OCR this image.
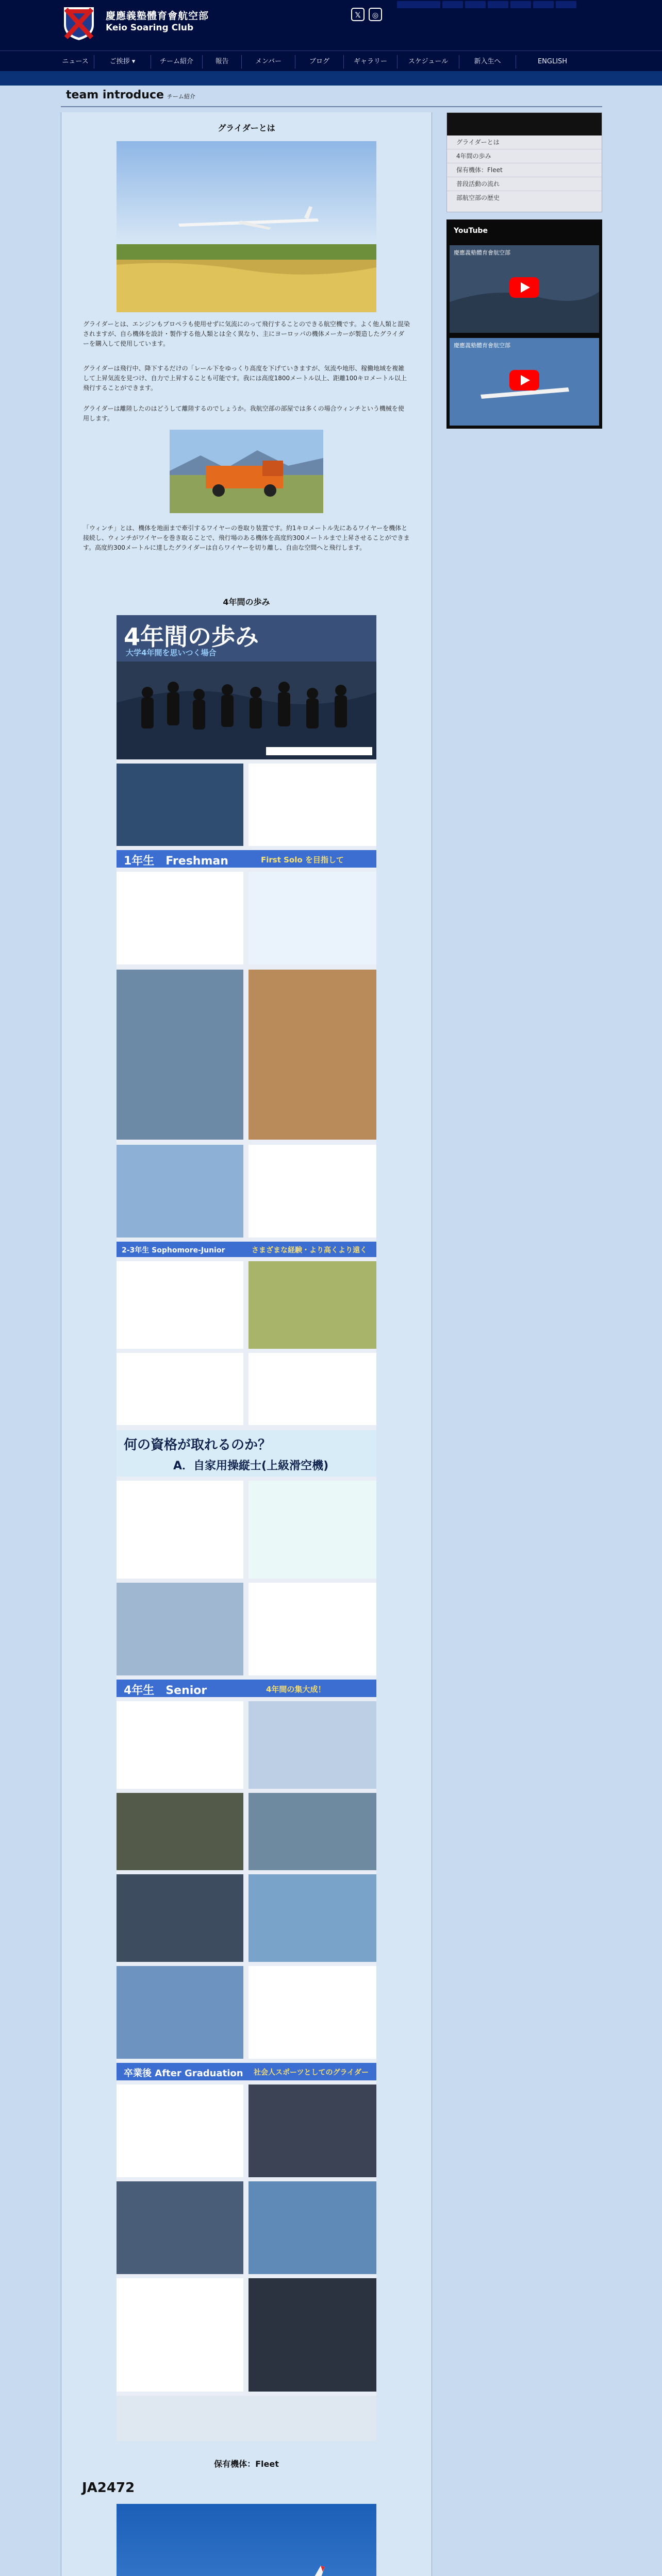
慶應義塾體育會航空部
Keio Soaring Club
𝕏	◎
ニュース	ご挨拶 ▾	チーム紹介	報告	メンバー	ブログ	ギャラリー	スケジュール	新入生へ	ENGLISH
team introduce チーム紹介
グライダーとは
グライダーとは、エンジンもプロペラも使用せずに気流にのって飛行することのできる航空機です。よく他人類と混染されますが、自ら機体を設計・製作する他人類とは全く異なり、主にヨーロッパの機体メーカーが製造したグライダーを購入して使用しています。
グライダーは飛行中、降下するだけの「レール下をゆっくり高度を下げていきますが、気流や地形、稼働地域を複雑して上昇気流を見つけ、自力で上昇することも可能です。我には高度1800メートル以上、距離100キロメートル以上飛行することができます。
グライダーは離陸したのはどうして離陸するのでしょうか。我航空部の部屋では多くの場合ウィンチという機械を使用します。
「ウィンチ」とは、機体を地面まで牽引するワイヤーの巻取り装置です。約1キロメートル先にあるワイヤーを機体と接続し、ウィンチがワイヤーを巻き取ることで、飛行場のある機体を高度約300メートルまで上昇させることができます。高度約300メートルに達したグライダーは自らワイヤーを切り離し、自由な空間へと飛行します。
4年間の歩み
4年間の歩み
大学4年間を思いつく場合
1年生　Freshman	First Solo を目指して
2-3年生 Sophomore-Junior	さまざまな経験・より高くより遠く
何の資格が取れるのか？
A．自家用操縦士(上級滑空機)
4年生　Senior	4年間の集大成！
卒業後 After Graduation 社会人スポーツとしてのグライダー
保有機体：Fleet
JA2472
グライダーとは
4年間の歩み
保有機体：Fleet
普段活動の流れ
部航空部の歴史
YouTube
慶應義塾體育會航空部
慶應義塾體育會航空部
